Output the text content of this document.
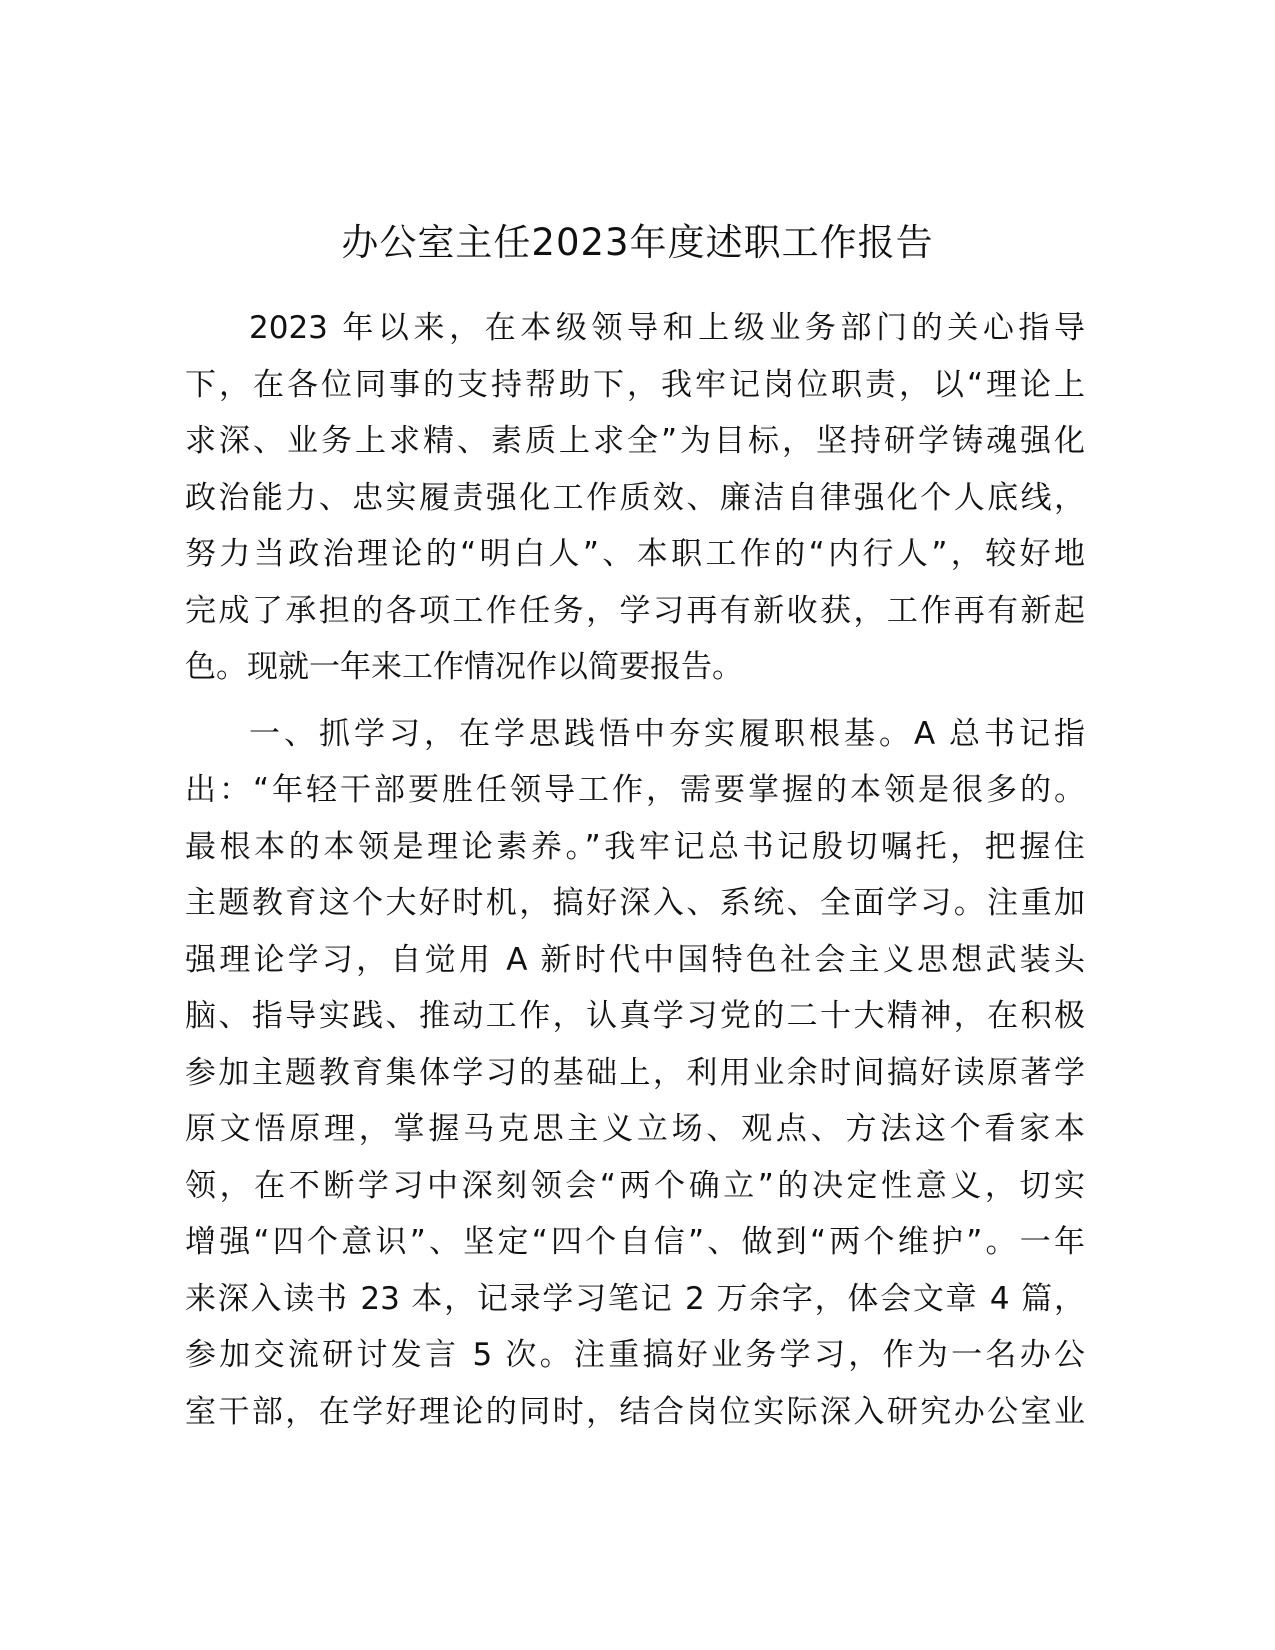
办公室主任2023年度述职工作报告
2023 年以来，在本级领导和上级业务部门的关心指导
下，在各位同事的支持帮助下，我牢记岗位职责，以“理论上
求深、业务上求精、素质上求全”为目标，坚持研学铸魂强化
政治能力、忠实履责强化工作质效、廉洁自律强化个人底线，
努力当政治理论的“明白人”、本职工作的“内行人”，较好地
完成了承担的各项工作任务，学习再有新收获，工作再有新起
色。现就一年来工作情况作以简要报告。
一、抓学习，在学思践悟中夯实履职根基。A 总书记指
出：“年轻干部要胜任领导工作，需要掌握的本领是很多的。
最根本的本领是理论素养。”我牢记总书记殷切嘱托，把握住
主题教育这个大好时机，搞好深入、系统、全面学习。注重加
强理论学习，自觉用 A 新时代中国特色社会主义思想武装头
脑、指导实践、推动工作，认真学习党的二十大精神，在积极
参加主题教育集体学习的基础上，利用业余时间搞好读原著学
原文悟原理，掌握马克思主义立场、观点、方法这个看家本
领，在不断学习中深刻领会“两个确立”的决定性意义，切实
增强“四个意识”、坚定“四个自信”、做到“两个维护”。一年
来深入读书 23 本，记录学习笔记 2 万余字，体会文章 4 篇，
参加交流研讨发言 5 次。注重搞好业务学习，作为一名办公
室干部，在学好理论的同时，结合岗位实际深入研究办公室业
